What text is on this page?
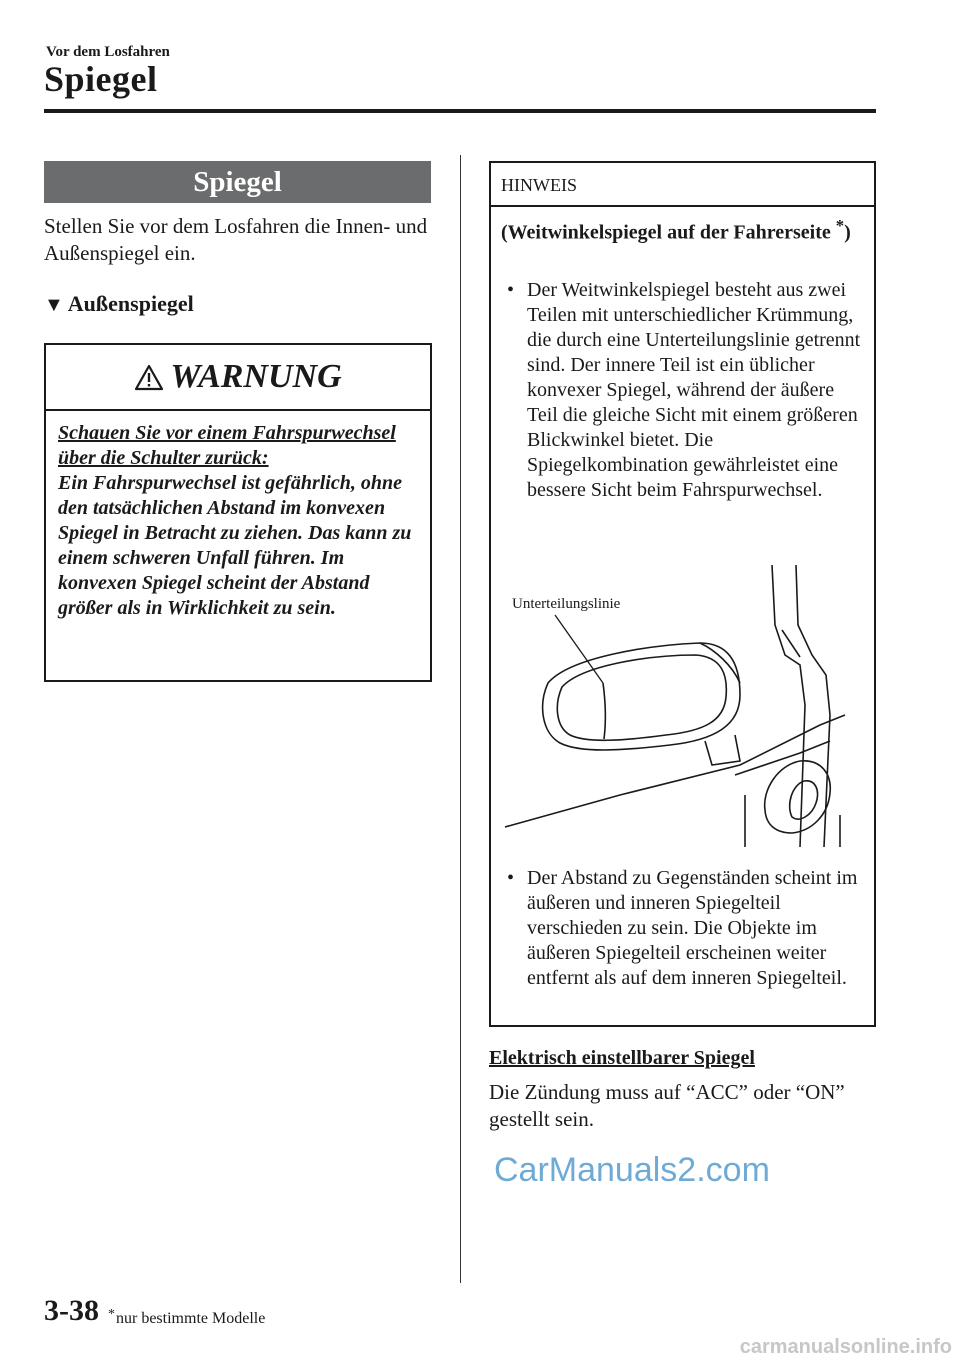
Vor dem Losfahren
Spiegel
Spiegel
Stellen Sie vor dem Losfahren die Innen- und Außenspiegel ein.
▼ Außenspiegel
WARNUNG
Schauen Sie vor einem Fahrspurwechsel über die Schulter zurück:
Ein Fahrspurwechsel ist gefährlich, ohne den tatsächlichen Abstand im konvexen Spiegel in Betracht zu ziehen. Das kann zu einem schweren Unfall führen. Im konvexen Spiegel scheint der Abstand größer als in Wirklichkeit zu sein.
HINWEIS
(Weitwinkelspiegel auf der Fahrerseite *)
• Der Weitwinkelspiegel besteht aus zwei Teilen mit unterschiedlicher Krümmung, die durch eine Unterteilungslinie getrennt sind. Der innere Teil ist ein üblicher konvexer Spiegel, während der äußere Teil die gleiche Sicht mit einem größeren Blickwinkel bietet. Die Spiegelkombination gewährleistet eine bessere Sicht beim Fahrspurwechsel.
• Der Abstand zu Gegenständen scheint im äußeren und inneren Spiegelteil verschieden zu sein. Die Objekte im äußeren Spiegelteil erscheinen weiter entfernt als auf dem inneren Spiegelteil.
Unterteilungslinie
Elektrisch einstellbarer Spiegel
Die Zündung muss auf “ACC” oder “ON” gestellt sein.
CarManuals2.com
3-38 *nur bestimmte Modelle
carmanualsonline.info
